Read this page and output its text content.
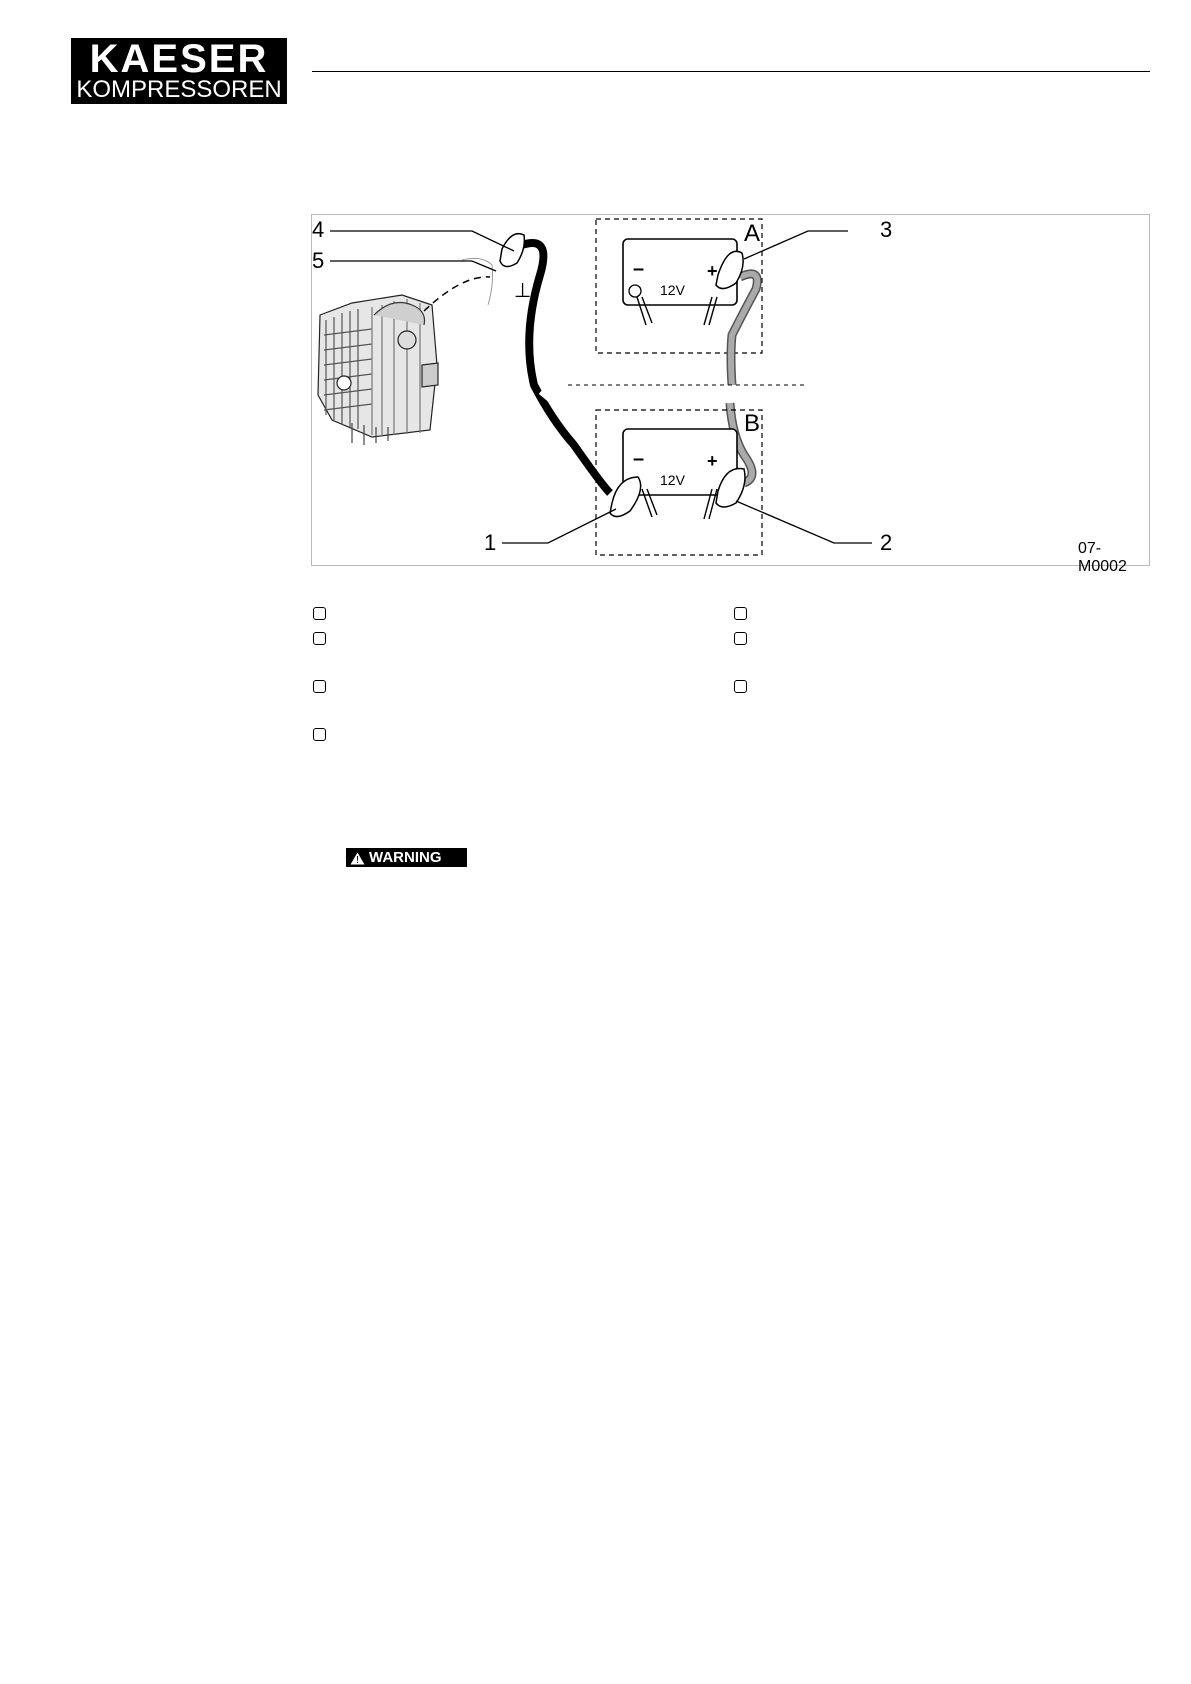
KAESER
KOMPRESSOREN
⊥
–	+
12V
–	+
12V
A
B
4
5
3
1	2	07-M0002
WARNING
